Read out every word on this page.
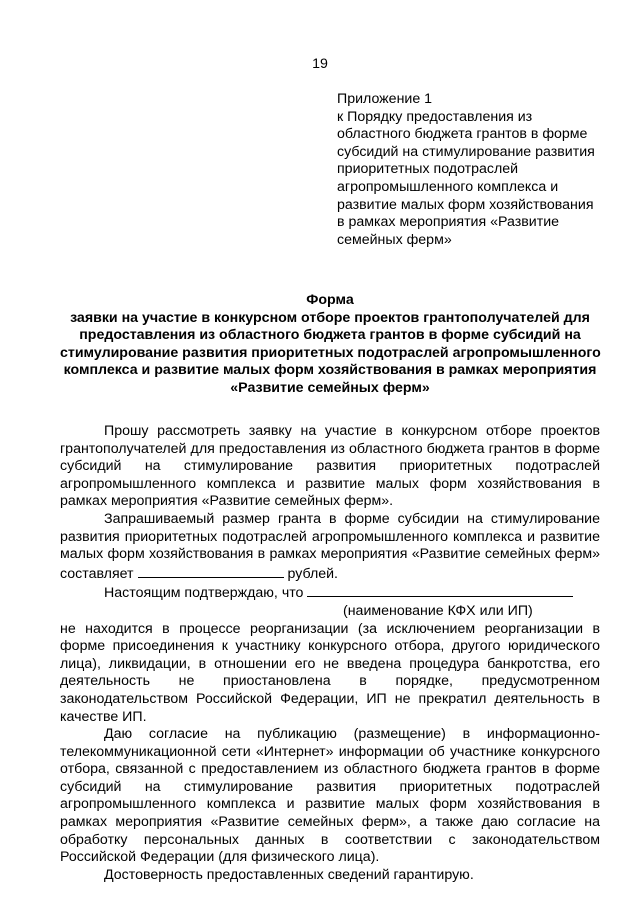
19
Приложение 1
к Порядку предоставления из
областного бюджета грантов в форме
субсидий на стимулирование развития
приоритетных подотраслей
агропромышленного комплекса и
развитие малых форм хозяйствования
в рамках мероприятия «Развитие
семейных ферм»
Форма
заявки на участие в конкурсном отборе проектов грантополучателей для
предоставления из областного бюджета грантов в форме субсидий на
стимулирование развития приоритетных подотраслей агропромышленного
комплекса и развитие малых форм хозяйствования в рамках мероприятия
«Развитие семейных ферм»
Прошу рассмотреть заявку на участие в конкурсном отборе проектов
грантополучателей для предоставления из областного бюджета грантов в форме
субсидий на стимулирование развития приоритетных подотраслей
агропромышленного комплекса и развитие малых форм хозяйствования в
рамках мероприятия «Развитие семейных ферм».
Запрашиваемый размер гранта в форме субсидии на стимулирование
развития приоритетных подотраслей агропромышленного комплекса и развитие
малых форм хозяйствования в рамках мероприятия «Развитие семейных ферм»
составляет	рублей.
Настоящим подтверждаю, что
(наименование КФХ или ИП)
не находится в процессе реорганизации (за исключением реорганизации в
форме присоединения к участнику конкурсного отбора, другого юридического
лица), ликвидации, в отношении его не введена процедура банкротства, его
деятельность не приостановлена в порядке, предусмотренном
законодательством Российской Федерации, ИП не прекратил деятельность в
качестве ИП.
Даю согласие на публикацию (размещение) в информационно-
телекоммуникационной сети «Интернет» информации об участнике конкурсного
отбора, связанной с предоставлением из областного бюджета грантов в форме
субсидий на стимулирование развития приоритетных подотраслей
агропромышленного комплекса и развитие малых форм хозяйствования в
рамках мероприятия «Развитие семейных ферм», а также даю согласие на
обработку персональных данных в соответствии с законодательством
Российской Федерации (для физического лица).
Достоверность предоставленных сведений гарантирую.
